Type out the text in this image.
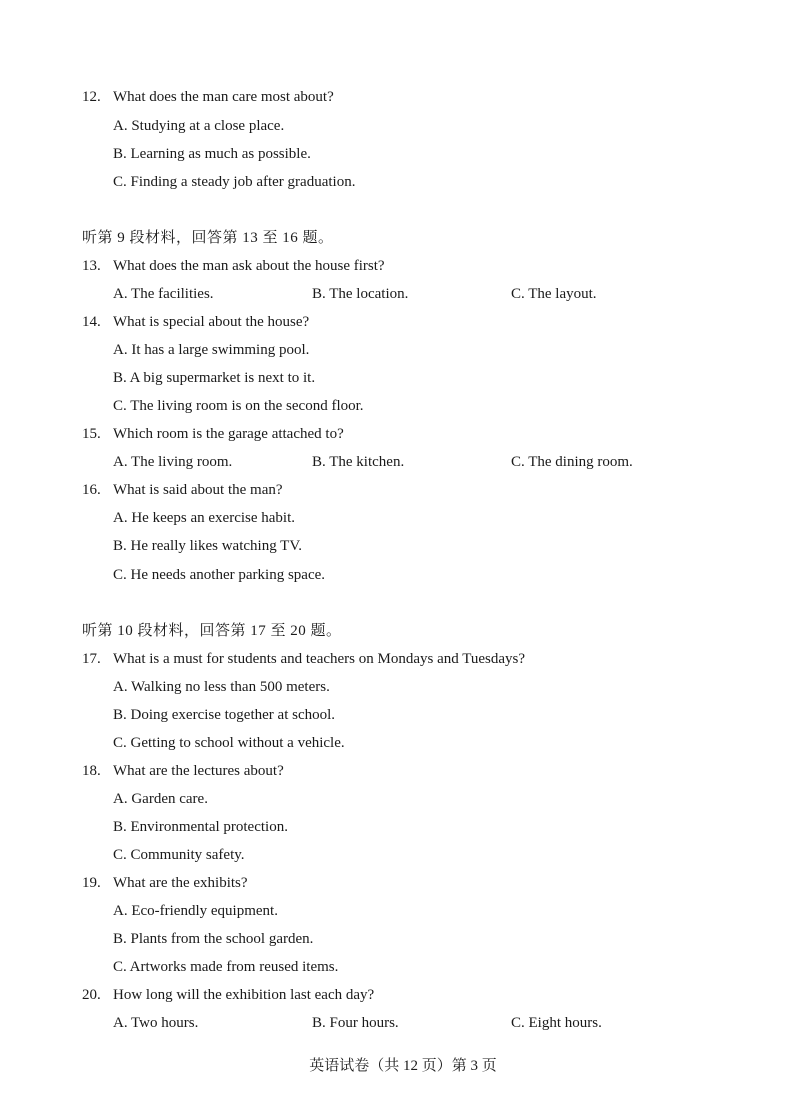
12. What does the man care most about?
A. Studying at a close place.
B. Learning as much as possible.
C. Finding a steady job after graduation.
听第 9 段材料，回答第 13 至 16 题。
13. What does the man ask about the house first?
A. The facilities.	B. The location.	C. The layout.
14. What is special about the house?
A. It has a large swimming pool.
B. A big supermarket is next to it.
C. The living room is on the second floor.
15. Which room is the garage attached to?
A. The living room.	B. The kitchen.	C. The dining room.
16. What is said about the man?
A. He keeps an exercise habit.
B. He really likes watching TV.
C. He needs another parking space.
听第 10 段材料，回答第 17 至 20 题。
17. What is a must for students and teachers on Mondays and Tuesdays?
A. Walking no less than 500 meters.
B. Doing exercise together at school.
C. Getting to school without a vehicle.
18. What are the lectures about?
A. Garden care.
B. Environmental protection.
C. Community safety.
19. What are the exhibits?
A. Eco-friendly equipment.
B. Plants from the school garden.
C. Artworks made from reused items.
20. How long will the exhibition last each day?
A. Two hours.	B. Four hours.	C. Eight hours.
英语试卷（共 12 页）第 3 页
